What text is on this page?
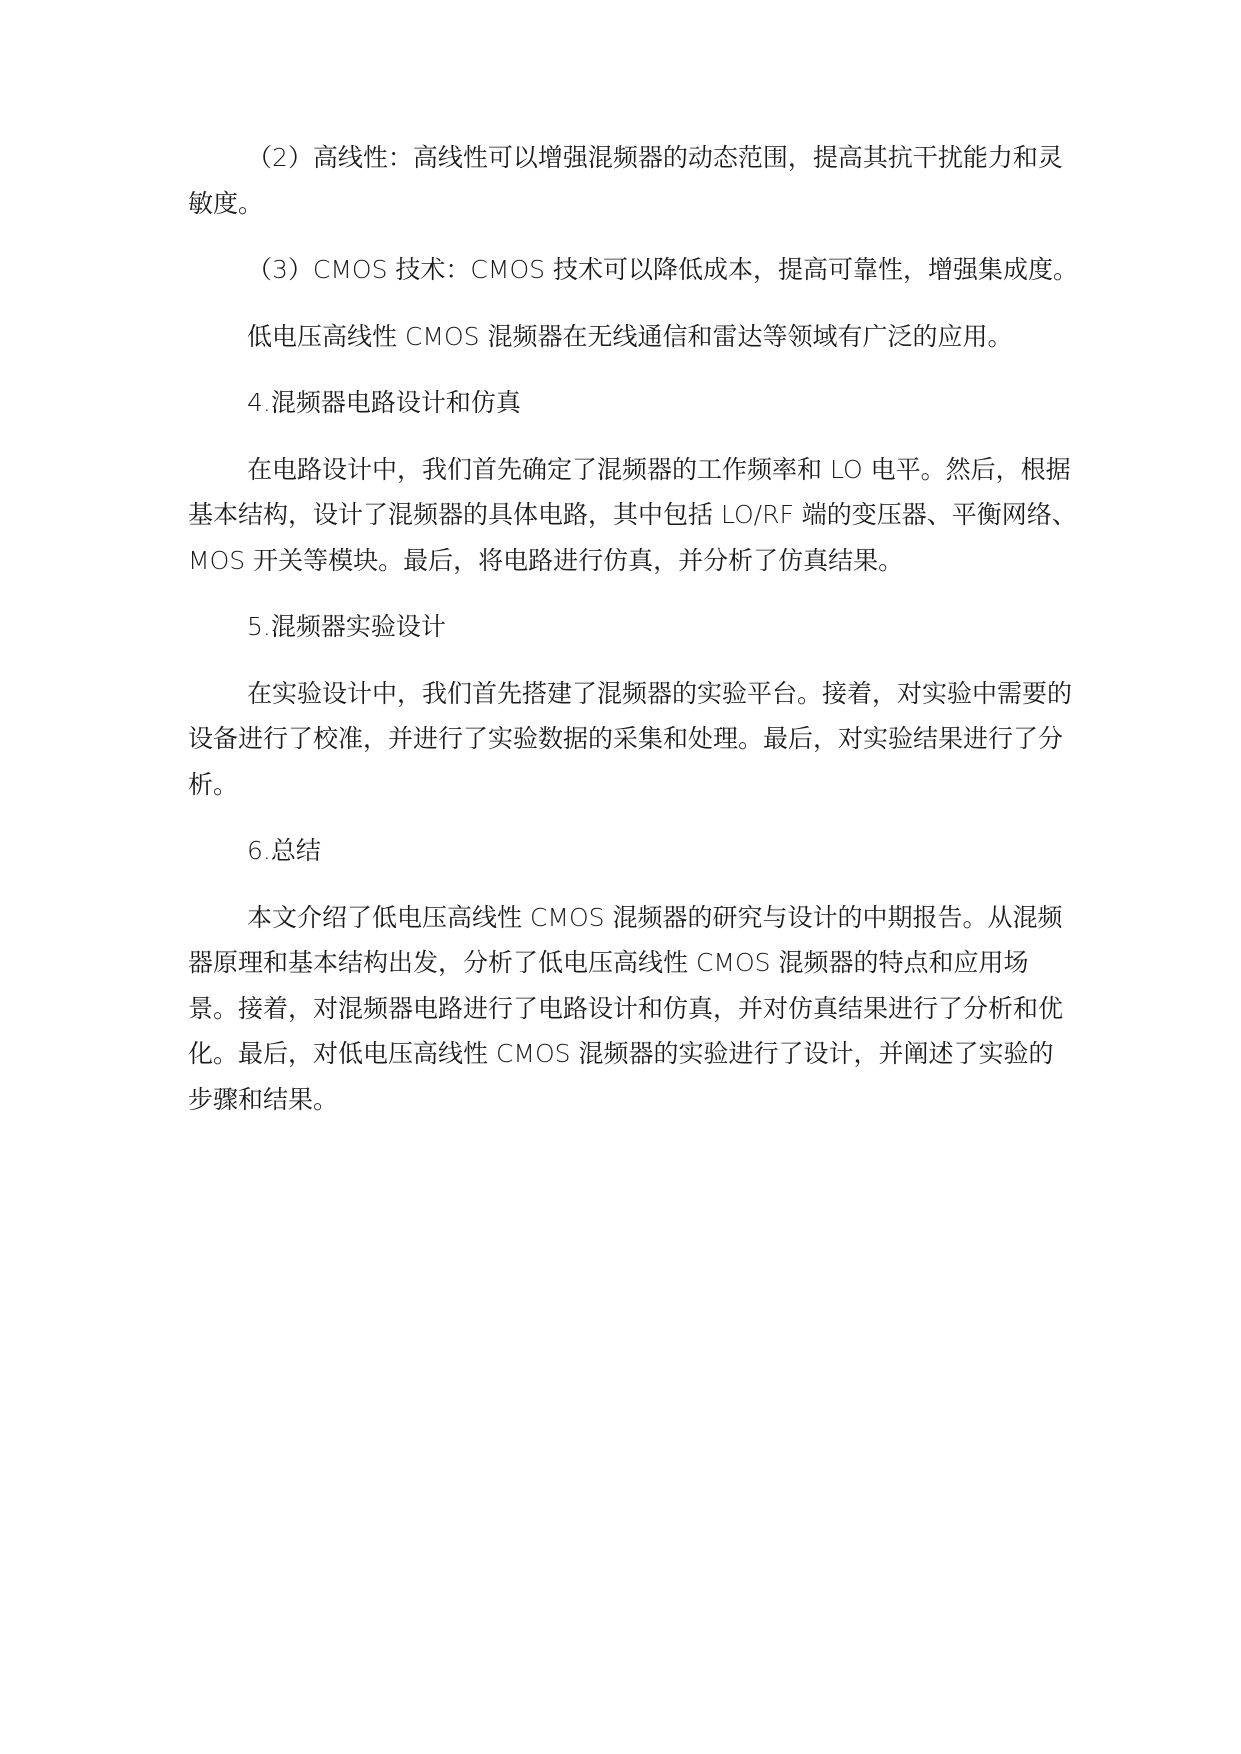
（2）高线性：高线性可以增强混频器的动态范围，提高其抗干扰能力和灵敏度。

（3）CMOS 技术：CMOS 技术可以降低成本，提高可靠性，增强集成度。

低电压高线性 CMOS 混频器在无线通信和雷达等领域有广泛的应用。

4.混频器电路设计和仿真

在电路设计中，我们首先确定了混频器的工作频率和 LO 电平。然后，根据基本结构，设计了混频器的具体电路，其中包括 LO/RF 端的变压器、平衡网络、MOS 开关等模块。最后，将电路进行仿真，并分析了仿真结果。

5.混频器实验设计

在实验设计中，我们首先搭建了混频器的实验平台。接着，对实验中需要的设备进行了校准，并进行了实验数据的采集和处理。最后，对实验结果进行了分析。

6.总结

本文介绍了低电压高线性 CMOS 混频器的研究与设计的中期报告。从混频器原理和基本结构出发，分析了低电压高线性 CMOS 混频器的特点和应用场景。接着，对混频器电路进行了电路设计和仿真，并对仿真结果进行了分析和优化。最后，对低电压高线性 CMOS 混频器的实验进行了设计，并阐述了实验的步骤和结果。
